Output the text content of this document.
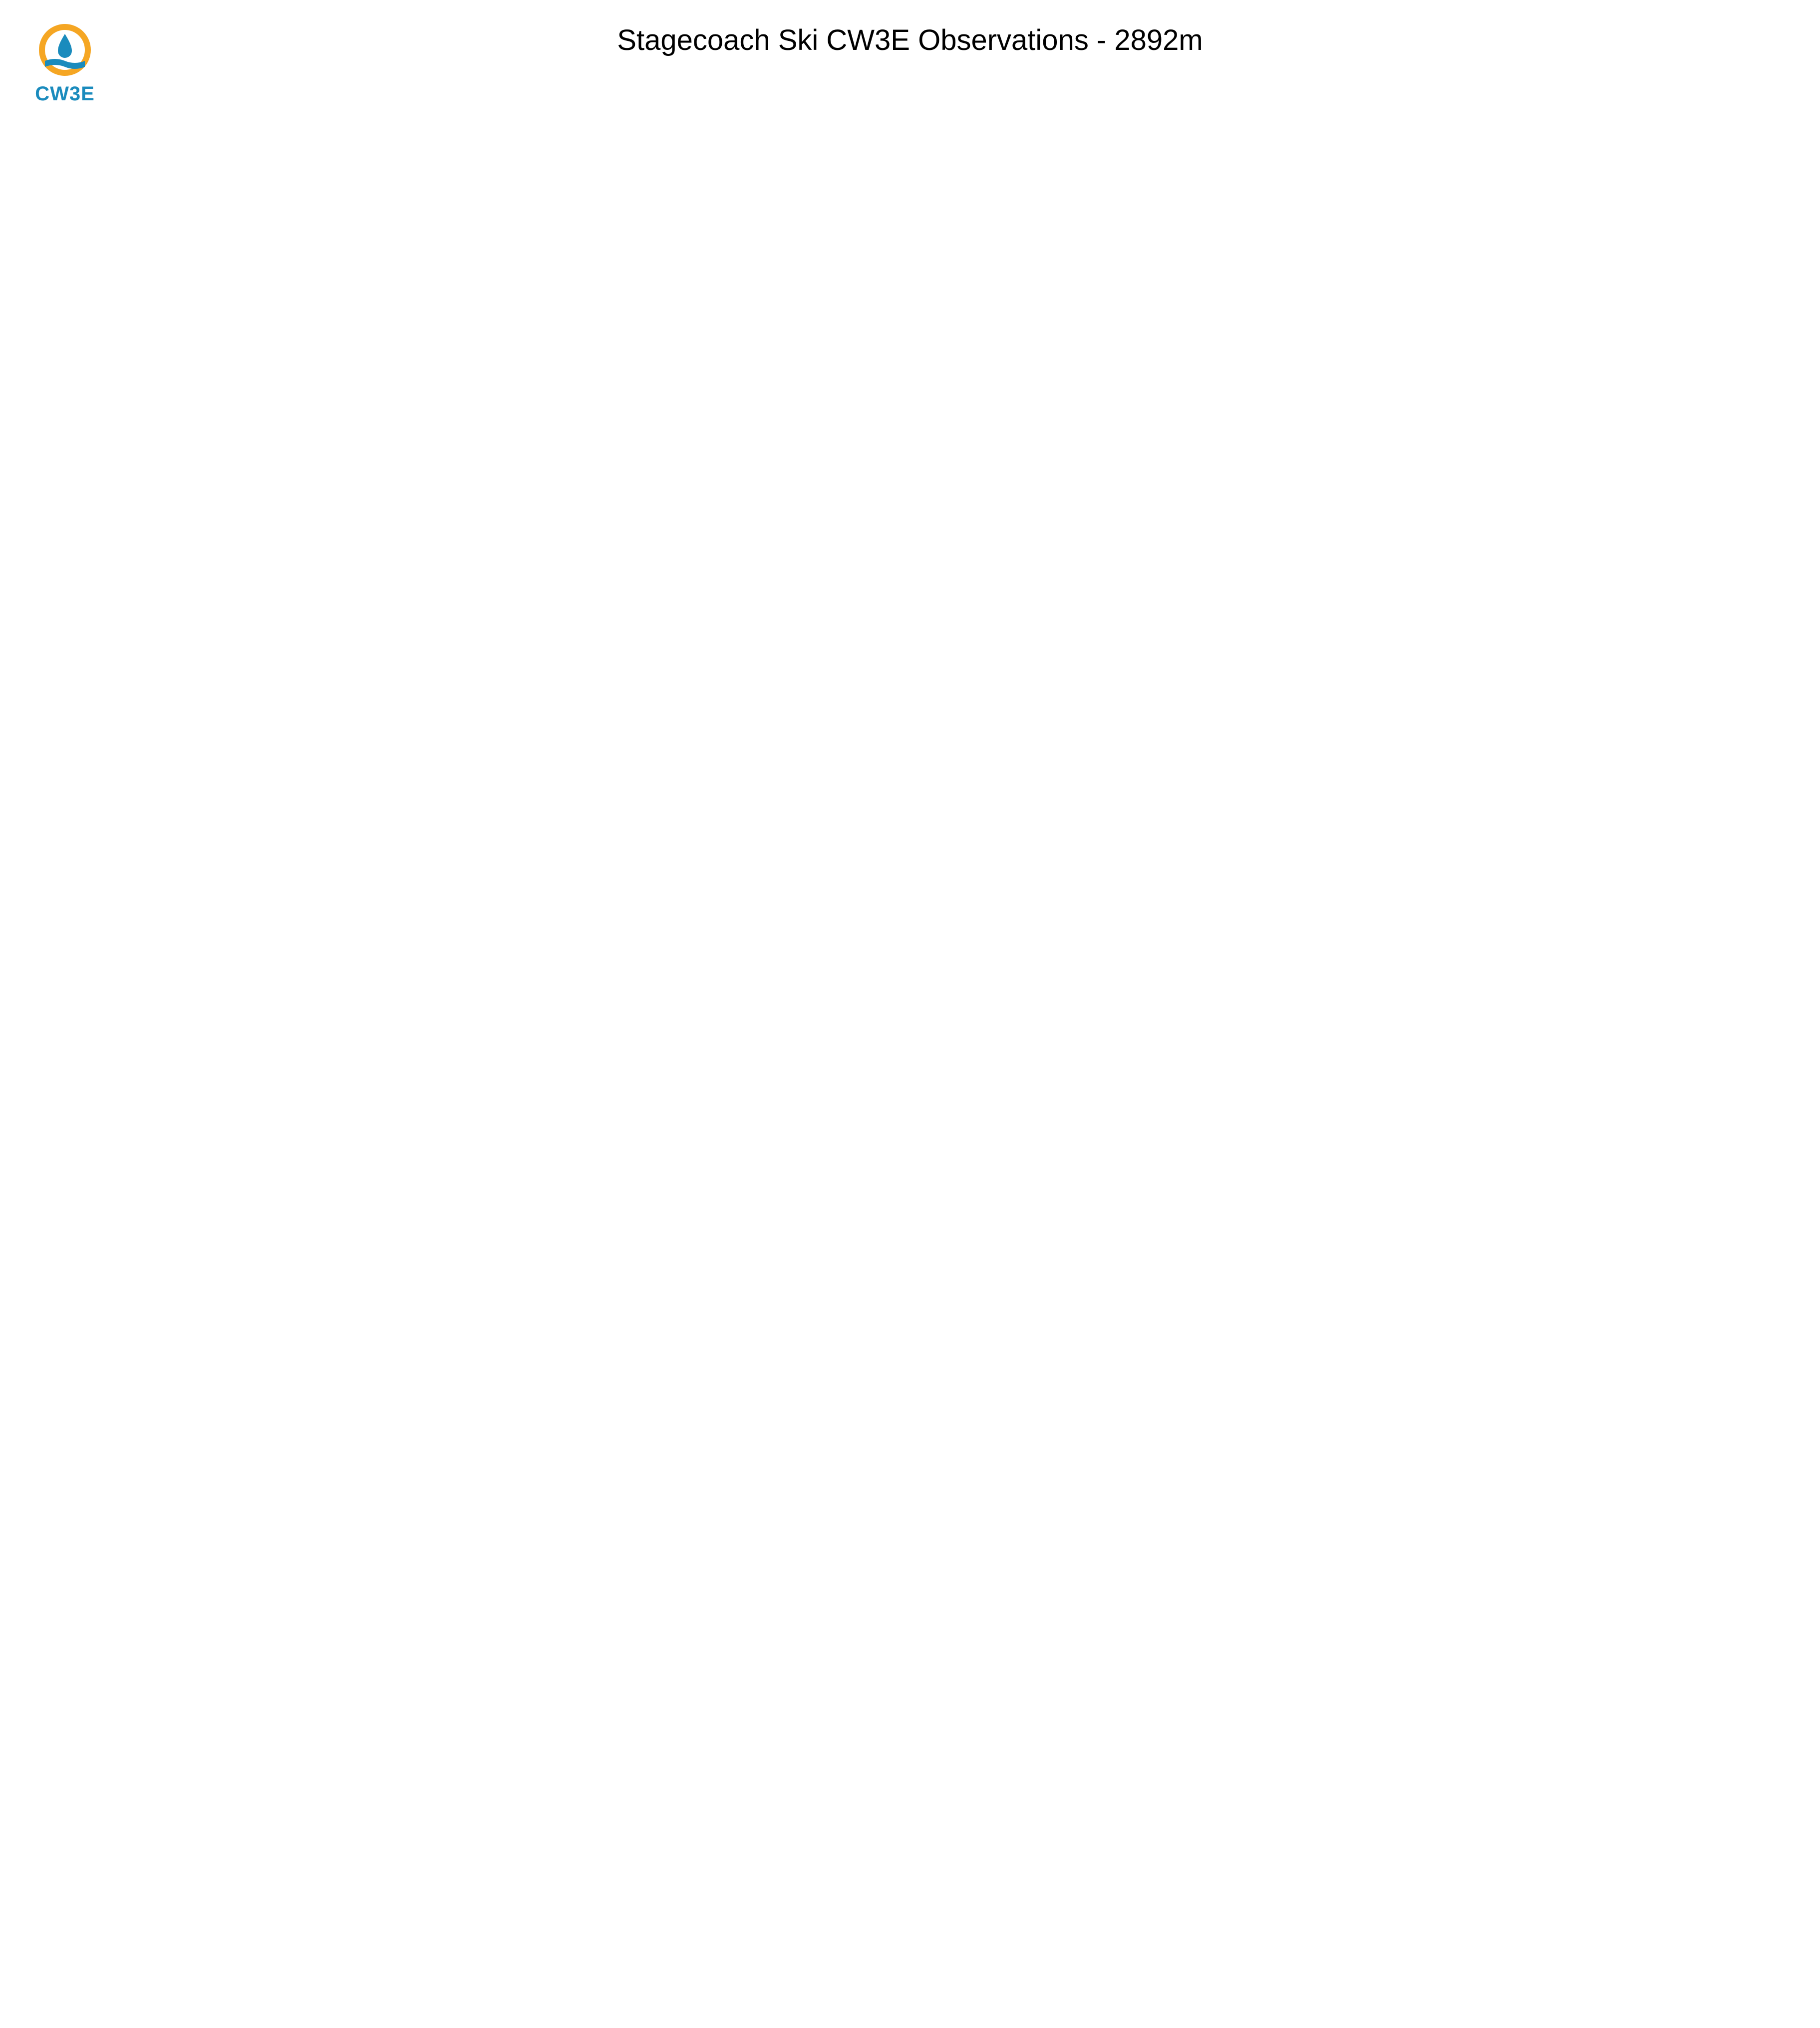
CW3E
Stagecoach Ski CW3E Observations - 2892m
